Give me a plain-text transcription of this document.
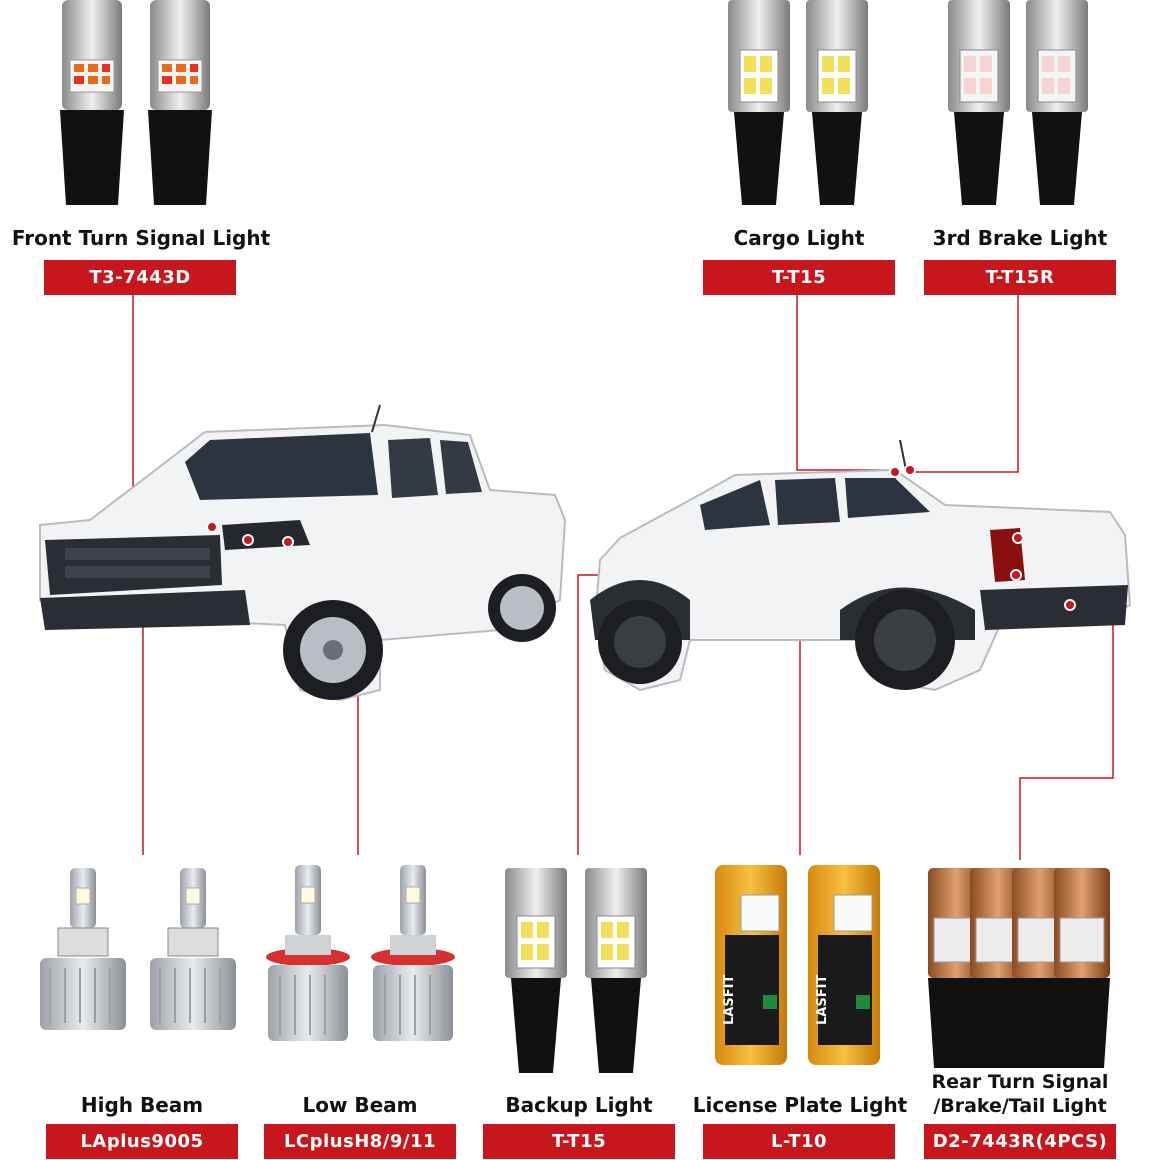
LASFIT	LASFIT
Front Turn Signal Light
T3-7443D
Cargo Light
T-T15
3rd Brake Light
T-T15R
High Beam
LAplus9005
Low Beam
LCplusH8/9/11
Backup Light
T-T15
License Plate Light
L-T10
Rear Turn Signal
/Brake/Tail Light
D2-7443R(4PCS)
